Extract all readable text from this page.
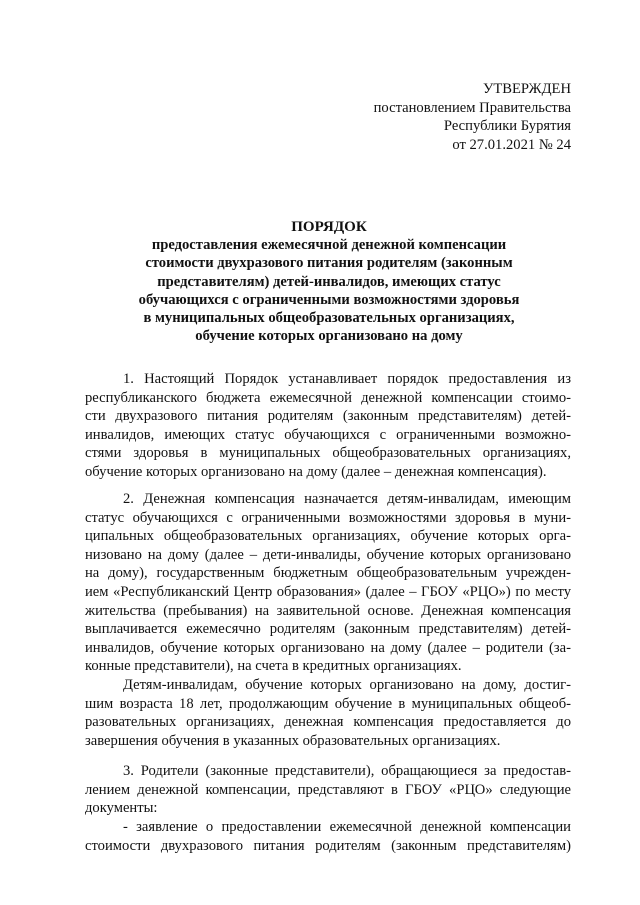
УТВЕРЖДЕН
постановлением Правительства
Республики Бурятия
от 27.01.2021 № 24
ПОРЯДОК
предоставления ежемесячной денежной компенсации
стоимости двухразового питания родителям (законным
представителям) детей-инвалидов, имеющих статус
обучающихся с ограниченными возможностями здоровья
в муниципальных общеобразовательных организациях,
обучение которых организовано на дому
1. Настоящий Порядок устанавливает порядок предоставления из
республиканского бюджета ежемесячной денежной компенсации стоимо-
сти двухразового питания родителям (законным представителям) детей-
инвалидов, имеющих статус обучающихся с ограниченными возможно-
стями здоровья в муниципальных общеобразовательных организациях,
обучение которых организовано на дому (далее – денежная компенсация).
2. Денежная компенсация назначается детям-инвалидам, имеющим
статус обучающихся с ограниченными возможностями здоровья в муни-
ципальных общеобразовательных организациях, обучение которых орга-
низовано на дому (далее – дети-инвалиды, обучение которых организовано
на дому), государственным бюджетным общеобразовательным учрежден-
ием «Республиканский Центр образования» (далее – ГБОУ «РЦО») по месту
жительства (пребывания) на заявительной основе. Денежная компенсация
выплачивается ежемесячно родителям (законным представителям) детей-
инвалидов, обучение которых организовано на дому (далее – родители (за-
конные представители), на счета в кредитных организациях.
Детям-инвалидам, обучение которых организовано на дому, достиг-
шим возраста 18 лет, продолжающим обучение в муниципальных общеоб-
разовательных организациях, денежная компенсация предоставляется до
завершения обучения в указанных образовательных организациях.
3. Родители (законные представители), обращающиеся за предостав-
лением денежной компенсации, представляют в ГБОУ «РЦО» следующие
документы:
- заявление о предоставлении ежемесячной денежной компенсации
стоимости двухразового питания родителям (законным представителям)
